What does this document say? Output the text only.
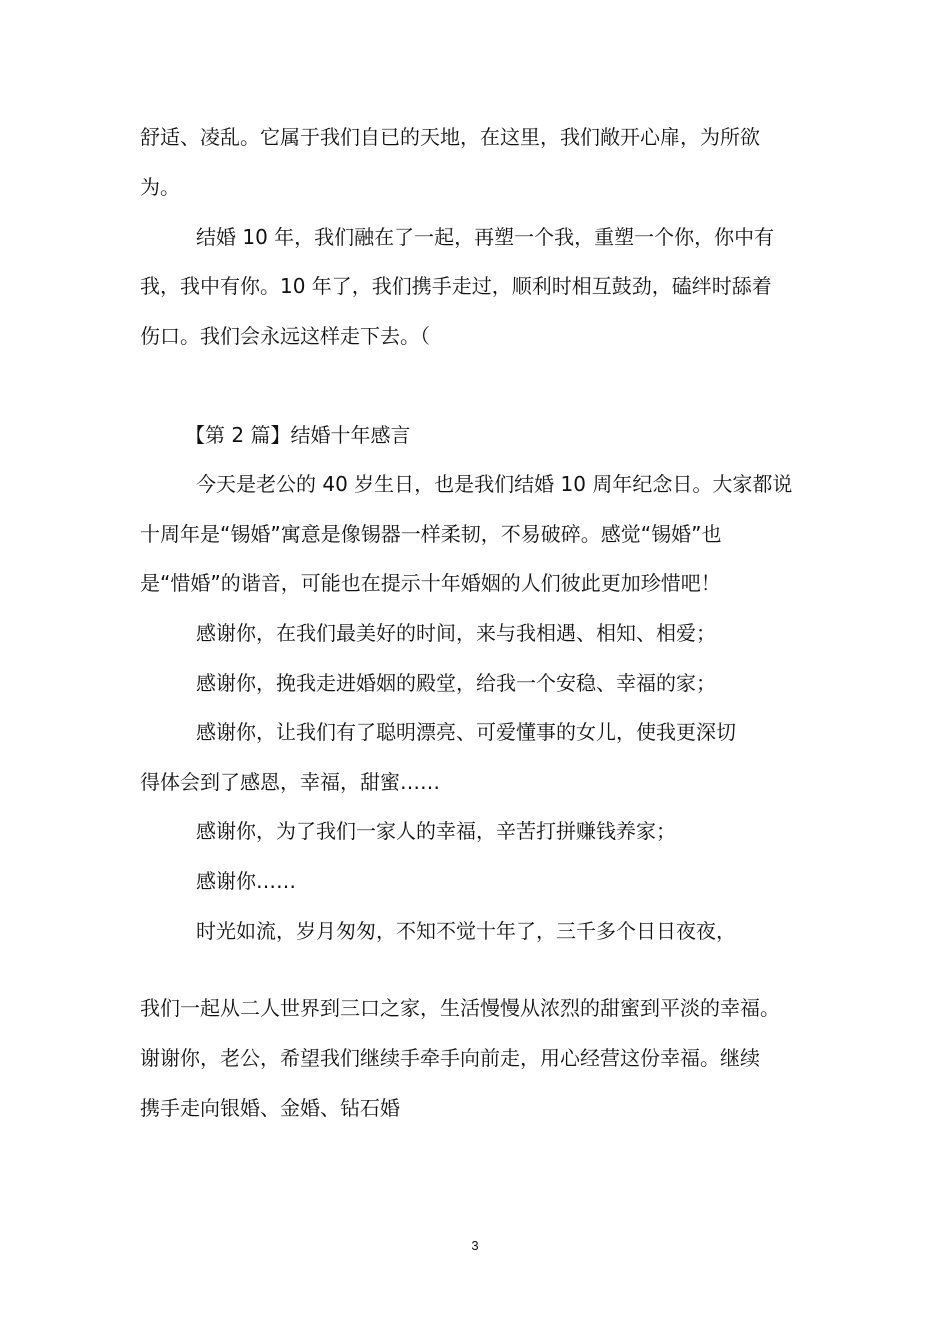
舒适、凌乱。它属于我们自已的天地，在这里，我们敞开心扉，为所欲
为。
结婚 10 年，我们融在了一起，再塑一个我，重塑一个你，你中有
我，我中有你。10 年了，我们携手走过，顺利时相互鼓劲，磕绊时舔着
伤口。我们会永远这样走下去。（
【第 2 篇】结婚十年感言
今天是老公的 40 岁生日，也是我们结婚 10 周年纪念日。大家都说
十周年是“锡婚”寓意是像锡器一样柔韧，不易破碎。感觉“锡婚”也
是“惜婚”的谐音，可能也在提示十年婚姻的人们彼此更加珍惜吧！
感谢你，在我们最美好的时间，来与我相遇、相知、相爱；
感谢你，挽我走进婚姻的殿堂，给我一个安稳、幸福的家；
感谢你，让我们有了聪明漂亮、可爱懂事的女儿，使我更深切
得体会到了感恩，幸福，甜蜜……
感谢你，为了我们一家人的幸福，辛苦打拼赚钱养家；
感谢你……
时光如流，岁月匆匆，不知不觉十年了，三千多个日日夜夜，
我们一起从二人世界到三口之家，生活慢慢从浓烈的甜蜜到平淡的幸福。
谢谢你，老公，希望我们继续手牵手向前走，用心经营这份幸福。继续
携手走向银婚、金婚、钻石婚
3
